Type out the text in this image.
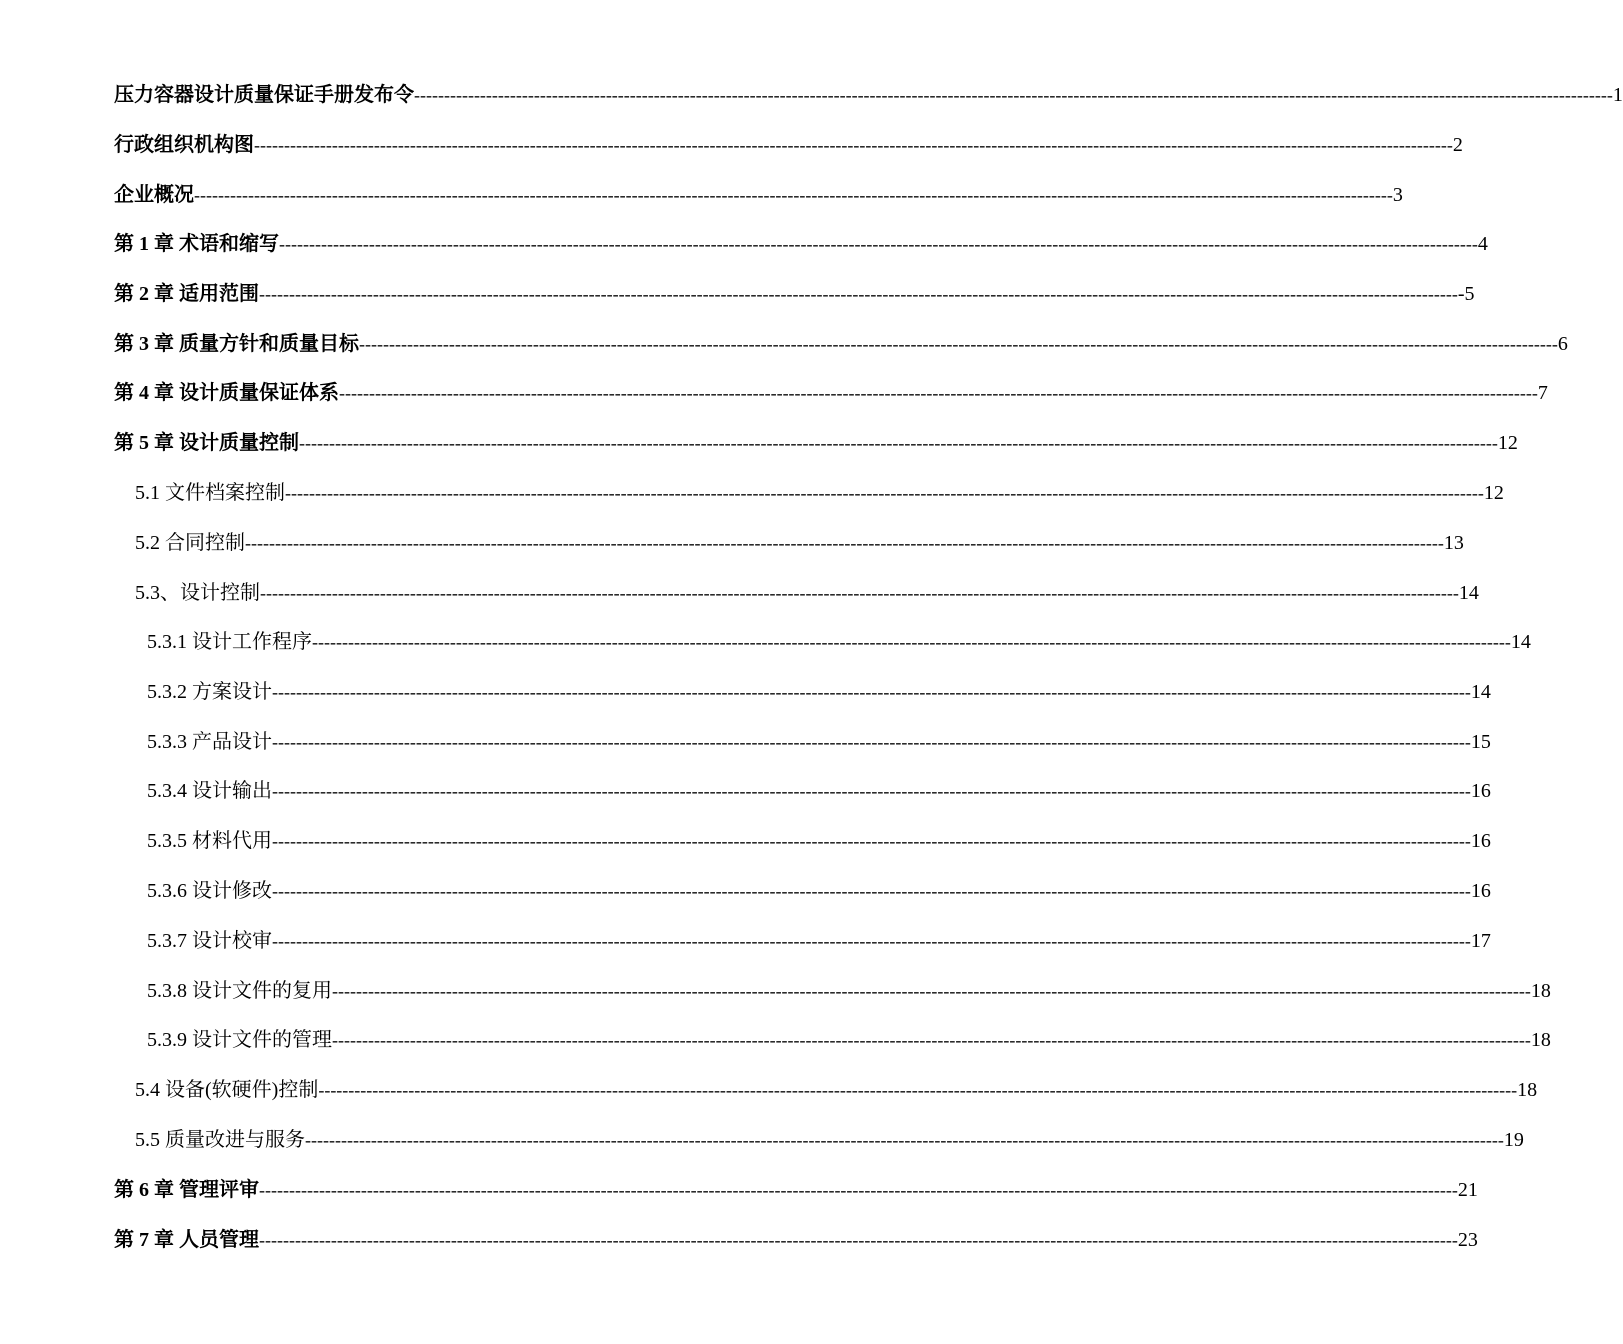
压力容器设计质量保证手册发布令 -------------------------------------------------------------------------------------------------------------------------------------------------------------------------------------------------------- 1
行政组织机构图 -------------------------------------------------------------------------------------------------------------------------------------------------------------------------------------------------------- 2
企业概况 -------------------------------------------------------------------------------------------------------------------------------------------------------------------------------------------------------- 3
第 1 章 术语和缩写 -------------------------------------------------------------------------------------------------------------------------------------------------------------------------------------------------------- 4
第 2 章 适用范围 -------------------------------------------------------------------------------------------------------------------------------------------------------------------------------------------------------- -5
第 3 章 质量方针和质量目标 -------------------------------------------------------------------------------------------------------------------------------------------------------------------------------------------------------- 6
第 4 章 设计质量保证体系 -------------------------------------------------------------------------------------------------------------------------------------------------------------------------------------------------------- 7
第 5 章 设计质量控制 -------------------------------------------------------------------------------------------------------------------------------------------------------------------------------------------------------- 12
5.1 文件档案控制 -------------------------------------------------------------------------------------------------------------------------------------------------------------------------------------------------------- 12
5.2 合同控制 -------------------------------------------------------------------------------------------------------------------------------------------------------------------------------------------------------- 13
5.3、设计控制 -------------------------------------------------------------------------------------------------------------------------------------------------------------------------------------------------------- 14
5.3.1 设计工作程序 -------------------------------------------------------------------------------------------------------------------------------------------------------------------------------------------------------- 14
5.3.2 方案设计 -------------------------------------------------------------------------------------------------------------------------------------------------------------------------------------------------------- 14
5.3.3 产品设计 -------------------------------------------------------------------------------------------------------------------------------------------------------------------------------------------------------- 15
5.3.4 设计输出 -------------------------------------------------------------------------------------------------------------------------------------------------------------------------------------------------------- 16
5.3.5 材料代用 -------------------------------------------------------------------------------------------------------------------------------------------------------------------------------------------------------- 16
5.3.6 设计修改 -------------------------------------------------------------------------------------------------------------------------------------------------------------------------------------------------------- 16
5.3.7 设计校审 -------------------------------------------------------------------------------------------------------------------------------------------------------------------------------------------------------- 17
5.3.8 设计文件的复用 -------------------------------------------------------------------------------------------------------------------------------------------------------------------------------------------------------- 18
5.3.9 设计文件的管理 -------------------------------------------------------------------------------------------------------------------------------------------------------------------------------------------------------- 18
5.4 设备(软硬件)控制 -------------------------------------------------------------------------------------------------------------------------------------------------------------------------------------------------------- 18
5.5 质量改进与服务 -------------------------------------------------------------------------------------------------------------------------------------------------------------------------------------------------------- 19
第 6 章 管理评审 -------------------------------------------------------------------------------------------------------------------------------------------------------------------------------------------------------- 21
第 7 章 人员管理 -------------------------------------------------------------------------------------------------------------------------------------------------------------------------------------------------------- 23
